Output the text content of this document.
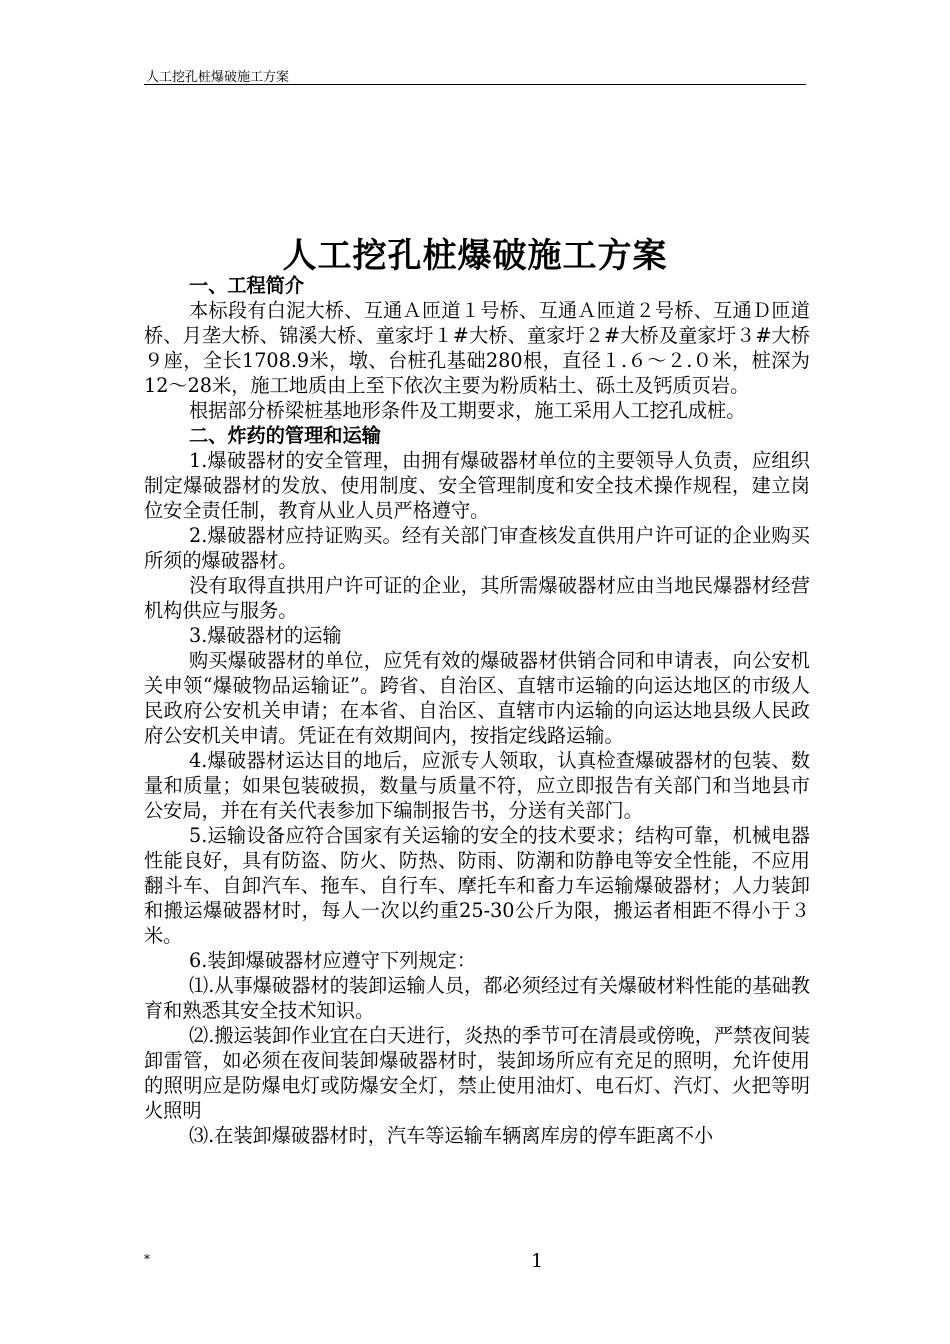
人工挖孔桩爆破施工方案
人工挖孔桩爆破施工方案

一、工程简介

本标段有白泥大桥、互通Ａ匝道１号桥、互通Ａ匝道２号桥、互通Ｄ匝道桥、月垄大桥、锦溪大桥、童家圩１#大桥、童家圩２#大桥及童家圩３#大桥９座，全长1708.9米，墩、台桩孔基础280根，直径１.６～２.０米，桩深为12～28米，施工地质由上至下依次主要为粉质粘土、砾土及钙质页岩。

根据部分桥梁桩基地形条件及工期要求，施工采用人工挖孔成桩。

二、炸药的管理和运输

1.爆破器材的安全管理，由拥有爆破器材单位的主要领导人负责，应组织制定爆破器材的发放、使用制度、安全管理制度和安全技术操作规程，建立岗位安全责任制，教育从业人员严格遵守。

2.爆破器材应持证购买。经有关部门审查核发直供用户许可证的企业购买所须的爆破器材。

没有取得直拱用户许可证的企业，其所需爆破器材应由当地民爆器材经营机构供应与服务。

3.爆破器材的运输

购买爆破器材的单位，应凭有效的爆破器材供销合同和申请表，向公安机关申领“爆破物品运输证”。跨省、自治区、直辖市运输的向运达地区的市级人民政府公安机关申请；在本省、自治区、直辖市内运输的向运达地县级人民政府公安机关申请。凭证在有效期间内，按指定线路运输。

4.爆破器材运达目的地后，应派专人领取，认真检查爆破器材的包装、数量和质量；如果包装破损，数量与质量不符，应立即报告有关部门和当地县市公安局，并在有关代表参加下编制报告书，分送有关部门。

5.运输设备应符合国家有关运输的安全的技术要求；结构可靠，机械电器性能良好，具有防盗、防火、防热、防雨、防潮和防静电等安全性能，不应用翻斗车、自卸汽车、拖车、自行车、摩托车和畜力车运输爆破器材；人力装卸和搬运爆破器材时，每人一次以约重25-30公斤为限，搬运者相距不得小于３米。

6.装卸爆破器材应遵守下列规定：

⑴.从事爆破器材的装卸运输人员，都必须经过有关爆破材料性能的基础教育和熟悉其安全技术知识。

⑵.搬运装卸作业宜在白天进行，炎热的季节可在清晨或傍晚，严禁夜间装卸雷管，如必须在夜间装卸爆破器材时，装卸场所应有充足的照明，允许使用的照明应是防爆电灯或防爆安全灯，禁止使用油灯、电石灯、汽灯、火把等明火照明

⑶.在装卸爆破器材时，汽车等运输车辆离库房的停车距离不小

*	1
